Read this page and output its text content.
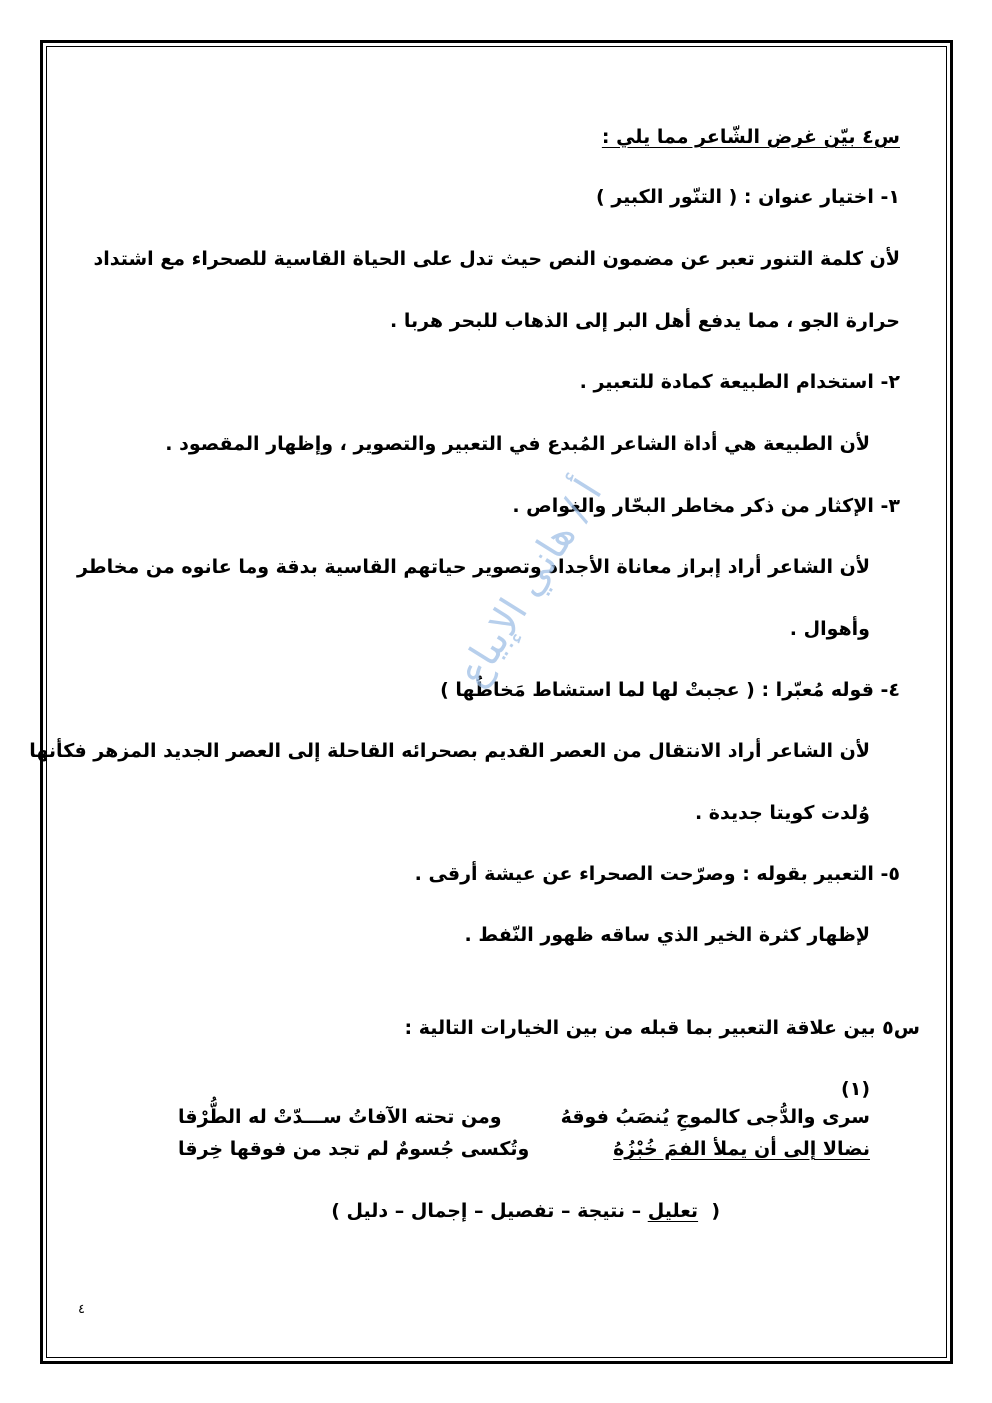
س٤ بيّن غرض الشّاعر مما يلي :
١- اختيار عنوان : ( التنّور الكبير )
لأن كلمة التنور تعبر عن مضمون النص حيث تدل على الحياة القاسية للصحراء مع اشتداد
حرارة الجو ، مما يدفع أهل البر إلى الذهاب للبحر هربا .
٢- استخدام الطبيعة كمادة للتعبير .
لأن الطبيعة هي أداة الشاعر المُبدع في التعبير والتصوير ، وإظهار المقصود .
٣- الإكثار من ذكر مخاطر البحّار والغواص .
لأن الشاعر أراد إبراز معاناة الأجداد وتصوير حياتهم القاسية بدقة وما عانوه من مخاطر
وأهوال .
٤- قوله مُعبّرا : ( عجبتْ لها لما استشاط مَخاطُها )
لأن الشاعر أراد الانتقال من العصر القديم بصحرائه القاحلة إلى العصر الجديد المزهر فكأنها
وُلدت كويتا جديدة .
٥- التعبير بقوله : وصرّحت الصحراء عن عيشة أرقى .
لإظهار كثرة الخير الذي ساقه ظهور النّفط .
أ / هاني الإبياع
س٥ بين علاقة التعبير بما قبله من بين الخيارات التالية :
(١)
سرى والدُّجى كالموجِ يُنصَبُ فوقهُ
ومن تحته الآفاتُ ســـدّتْ له الطُّرْقا
نضالا إلى أن يملأ الفمَ خُبْزُهُ
وتُكسى جُسومٌ لم تجد من فوقها خِرقا
(  تعليل – نتيجة – تفصيل – إجمال – دليل )
٤
